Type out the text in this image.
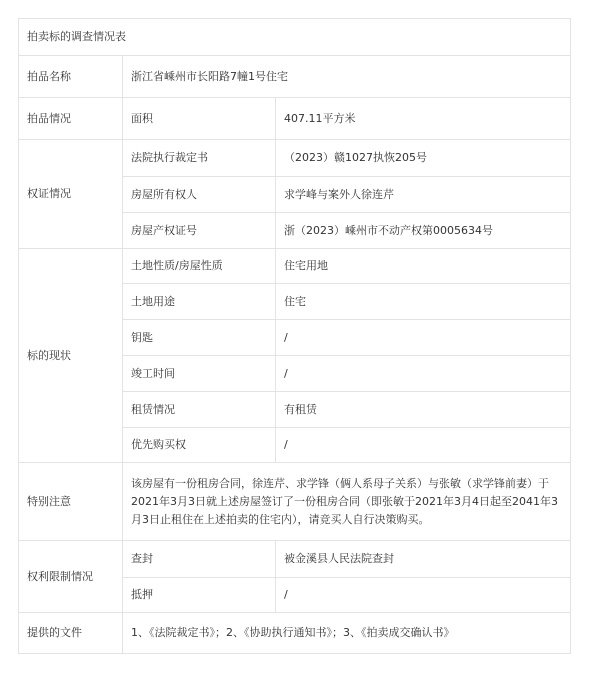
拍卖标的调查情况表		
拍品名称	浙江省嵊州市长阳路7幢1号住宅	
拍品情况	面积	407.11平方米
权证情况	法院执行裁定书	（2023）赣1027执恢205号
	房屋所有权人	求学峰与案外人徐连芹
	房屋产权证号	浙（2023）嵊州市不动产权第0005634号
标的现状	土地性质/房屋性质	住宅用地
	土地用途	住宅
	钥匙	/
	竣工时间	/
	租赁情况	有租赁
	优先购买权	/
特别注意	该房屋有一份租房合同，徐连芹、求学锋（俩人系母子关系）与张敏（求学锋前妻）于2021年3月3日就上述房屋签订了一份租房合同（即张敏于2021年3月4日起至2041年3月3日止租住在上述拍卖的住宅内），请竞买人自行决策购买。	
权利限制情况	查封	被金溪县人民法院查封
	抵押	/
提供的文件	1、《法院裁定书》；2、《协助执行通知书》；3、《拍卖成交确认书》	
